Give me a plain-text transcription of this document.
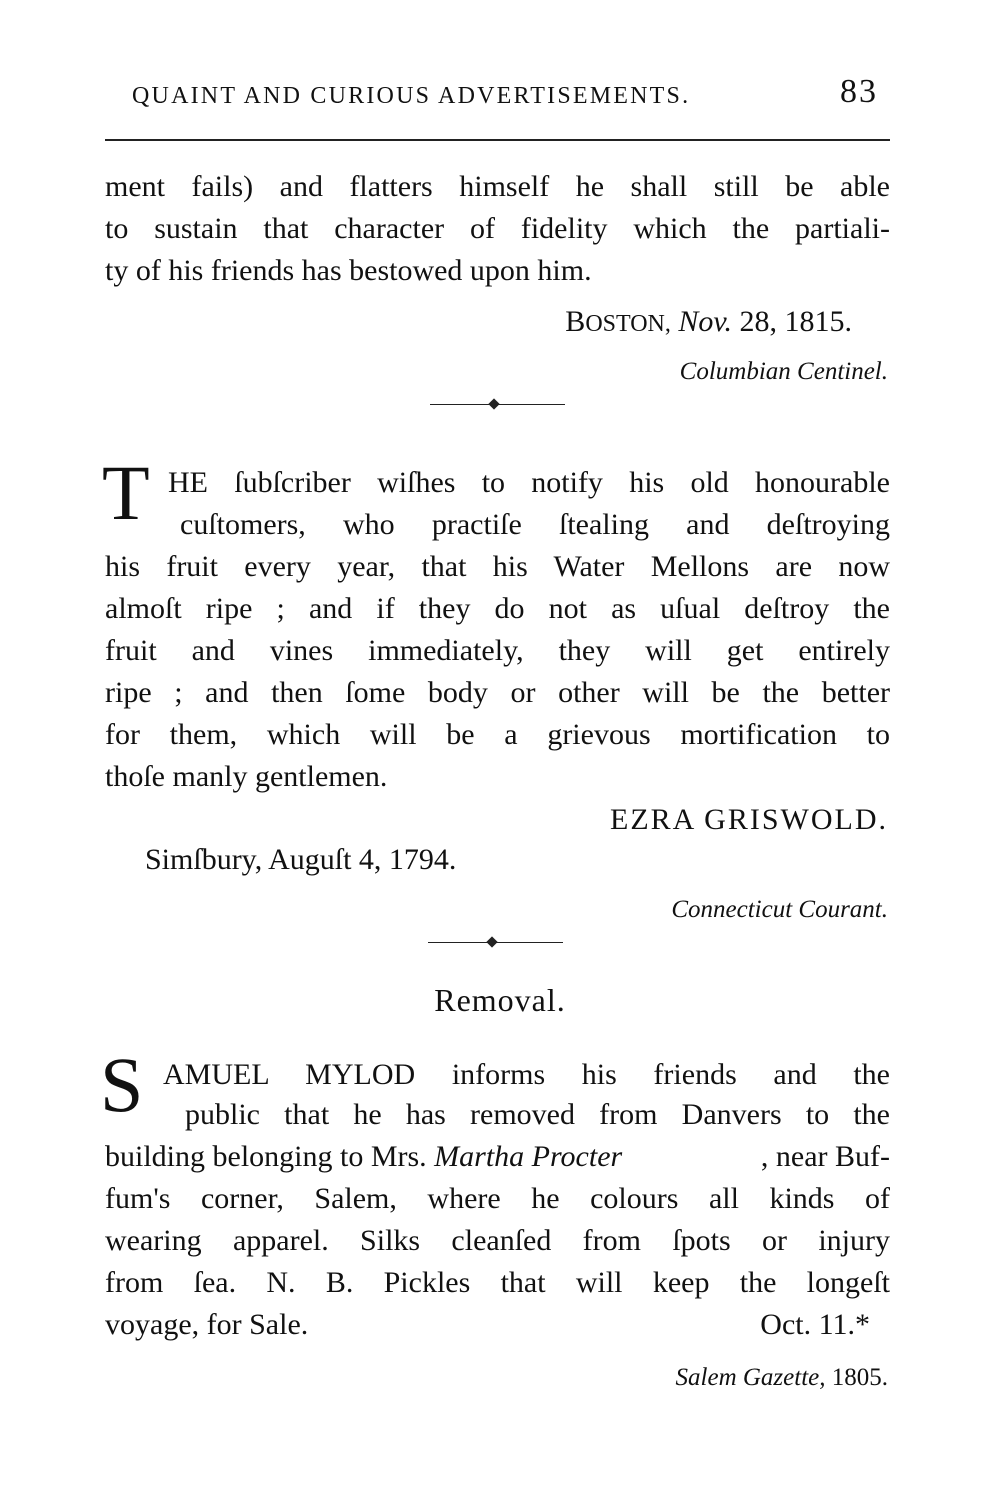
QUAINT AND CURIOUS ADVERTISEMENTS.	83
ment fails) and flatters himself he shall still be able
to sustain that character of fidelity which the partiali-
ty of his friends has bestowed upon him.
BOSTON, Nov. 28, 1815.
Columbian Centinel.
T HE ſubſcriber wiſhes to notify his old honourable
cuſtomers, who practiſe ſtealing and deſtroying
his fruit every year, that his Water Mellons are now
almoſt ripe ; and if they do not as uſual deſtroy the
fruit and vines immediately, they will get entirely
ripe ; and then ſome body or other will be the better
for them, which will be a grievous mortification to
thoſe manly gentlemen.
EZRA GRISWOLD.
Simſbury, Auguſt 4, 1794.
Connecticut Courant.
Removal.
S AMUEL MYLOD informs his friends and the
public that he has removed from Danvers to the
building belonging to Mrs. Martha Procter	, near Buf-
fum's corner, Salem, where he colours all kinds of
wearing apparel. Silks cleanſed from ſpots or injury
from ſea. N. B. Pickles that will keep the longeſt
voyage, for Sale.	Oct. 11.*
Salem Gazette, 1805.
